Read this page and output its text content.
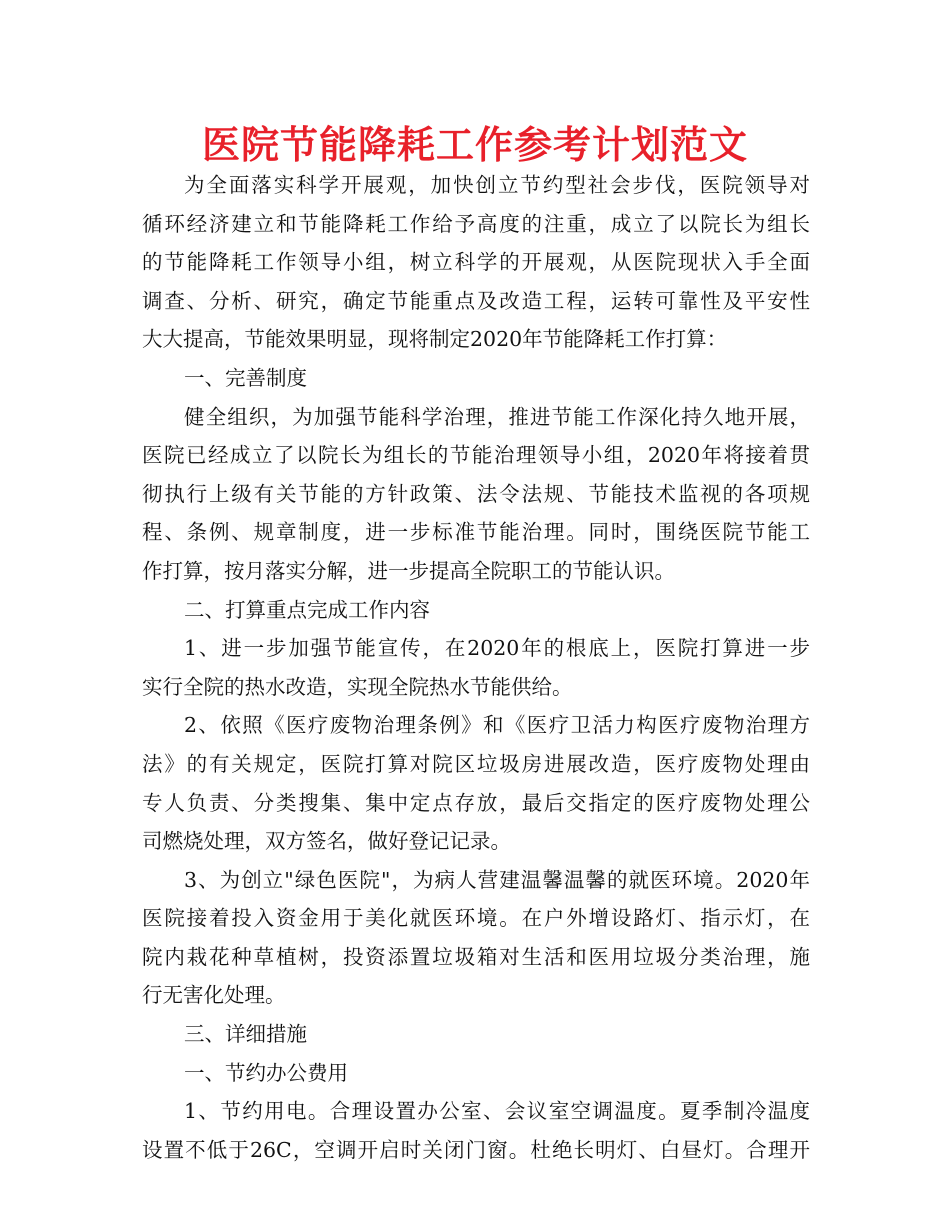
医院节能降耗工作参考计划范文
为全面落实科学开展观，加快创立节约型社会步伐，医院领导对
循环经济建立和节能降耗工作给予高度的注重，成立了以院长为组长
的节能降耗工作领导小组，树立科学的开展观，从医院现状入手全面
调查、分析、研究，确定节能重点及改造工程，运转可靠性及平安性
大大提高，节能效果明显，现将制定2020年节能降耗工作打算：
一、完善制度
健全组织，为加强节能科学治理，推进节能工作深化持久地开展，
医院已经成立了以院长为组长的节能治理领导小组，2020年将接着贯
彻执行上级有关节能的方针政策、法令法规、节能技术监视的各项规
程、条例、规章制度，进一步标准节能治理。同时，围绕医院节能工
作打算，按月落实分解，进一步提高全院职工的节能认识。
二、打算重点完成工作内容
1、进一步加强节能宣传，在2020年的根底上，医院打算进一步
实行全院的热水改造，实现全院热水节能供给。
2、依照《医疗废物治理条例》和《医疗卫活力构医疗废物治理方
法》的有关规定，医院打算对院区垃圾房进展改造，医疗废物处理由
专人负责、分类搜集、集中定点存放，最后交指定的医疗废物处理公
司燃烧处理，双方签名，做好登记记录。
3、为创立"绿色医院"，为病人营建温馨温馨的就医环境。2020年
医院接着投入资金用于美化就医环境。在户外增设路灯、指示灯，在
院内栽花种草植树，投资添置垃圾箱对生活和医用垃圾分类治理，施
行无害化处理。
三、详细措施
一、节约办公费用
1、节约用电。合理设置办公室、会议室空调温度。夏季制冷温度
设置不低于26C，空调开启时关闭门窗。杜绝长明灯、白昼灯。合理开
